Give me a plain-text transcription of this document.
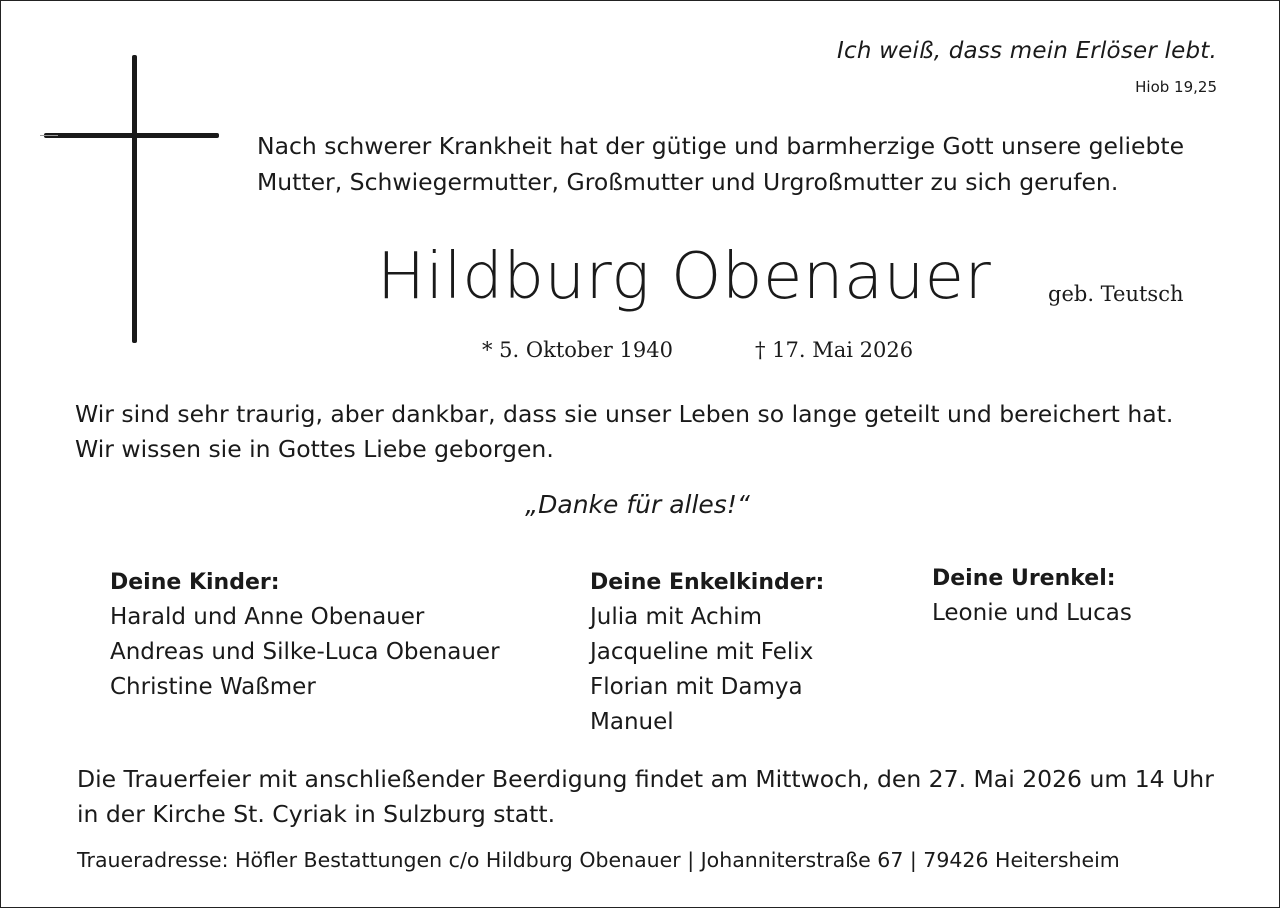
Ich weiß, dass mein Erlöser lebt.
Hiob 19,25
Nach schwerer Krankheit hat der gütige und barmherzige Gott unsere geliebte Mutter, Schwiegermutter, Großmutter und Urgroßmutter zu sich gerufen.
Hildburg Obenauer	geb. Teutsch
* 5. Oktober 1940	† 17. Mai 2026
Wir sind sehr traurig, aber dankbar, dass sie unser Leben so lange geteilt und bereichert hat. Wir wissen sie in Gottes Liebe geborgen.
„Danke für alles!“
Deine Kinder:
Harald und Anne Obenauer
Andreas und Silke-Luca Obenauer
Christine Waßmer
Deine Enkelkinder:
Julia mit Achim
Jacqueline mit Felix
Florian mit Damya
Manuel
Deine Urenkel:
Leonie und Lucas
Die Trauerfeier mit anschließender Beerdigung findet am Mittwoch, den 27. Mai 2026 um 14 Uhr in der Kirche St. Cyriak in Sulzburg statt.
Traueradresse: Höfler Bestattungen c/o Hildburg Obenauer | Johanniterstraße 67 | 79426 Heitersheim
